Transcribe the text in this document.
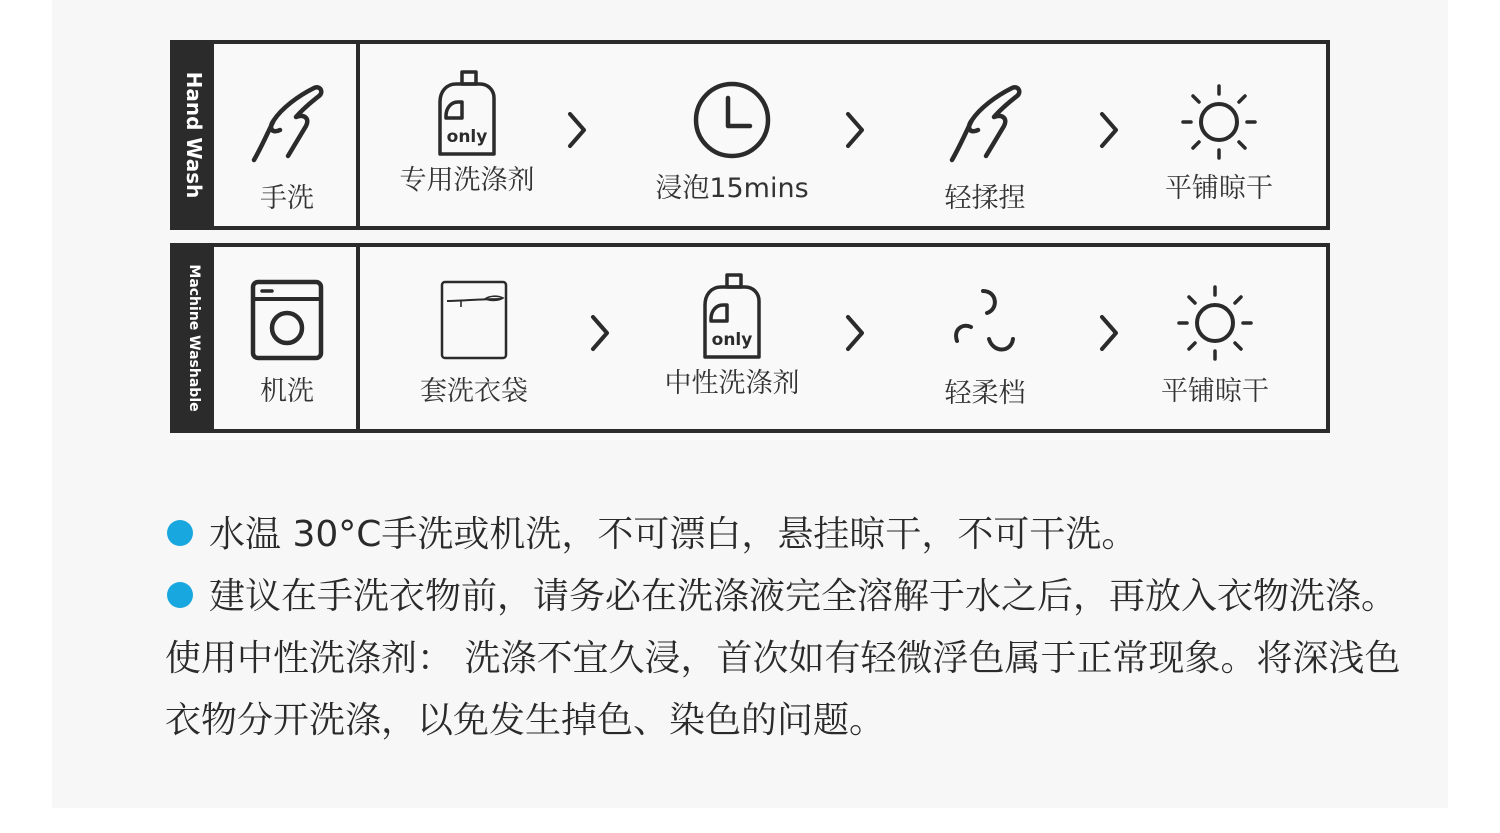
Hand Wash
手洗
only
专用洗涤剂	浸泡15mins	轻揉捏	平铺晾干
Machine Washable	机洗	套洗衣袋
only
中性洗涤剂	轻柔档	平铺晾干

水温 30°C手洗或机洗，不可漂白，悬挂晾干，不可干洗。

建议在手洗衣物前，请务必在洗涤液完全溶解于水之后，再放入衣物洗涤。使用中性洗涤剂： 洗涤不宜久浸，首次如有轻微浮色属于正常现象。将深浅色衣物分开洗涤，以免发生掉色、染色的问题。
